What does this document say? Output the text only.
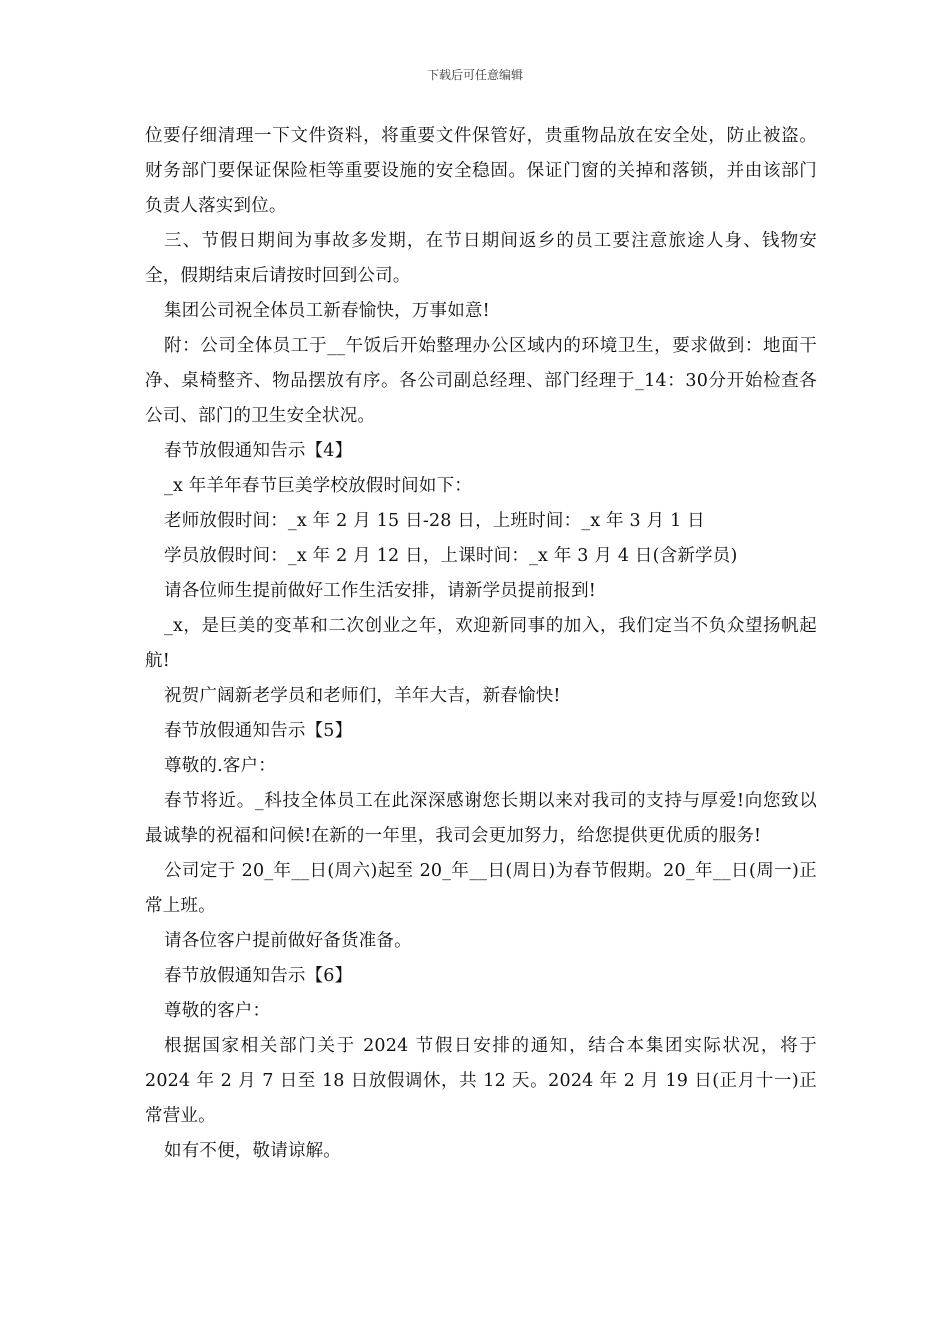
下载后可任意编辑

位要仔细清理一下文件资料，将重要文件保管好，贵重物品放在安全处，防止被盗。财务部门要保证保险柜等重要设施的安全稳固。保证门窗的关掉和落锁，并由该部门负责人落实到位。

三、节假日期间为事故多发期，在节日期间返乡的员工要注意旅途人身、钱物安全，假期结束后请按时回到公司。

集团公司祝全体员工新春愉快，万事如意!

附：公司全体员工于__午饭后开始整理办公区域内的环境卫生，要求做到：地面干净、桌椅整齐、物品摆放有序。各公司副总经理、部门经理于_14：30分开始检查各公司、部门的卫生安全状况。

春节放假通知告示【4】

_x 年羊年春节巨美学校放假时间如下：

老师放假时间：_x 年 2 月 15 日-28 日，上班时间：_x 年 3 月 1 日

学员放假时间：_x 年 2 月 12 日，上课时间：_x 年 3 月 4 日(含新学员)

请各位师生提前做好工作生活安排，请新学员提前报到!

_x，是巨美的变革和二次创业之年，欢迎新同事的加入，我们定当不负众望扬帆起航!

祝贺广阔新老学员和老师们，羊年大吉，新春愉快!

春节放假通知告示【5】

尊敬的.客户：

春节将近。_科技全体员工在此深深感谢您长期以来对我司的支持与厚爱!向您致以最诚挚的祝福和问候!在新的一年里，我司会更加努力，给您提供更优质的服务!

公司定于 20_年__日(周六)起至 20_年__日(周日)为春节假期。20_年__日(周一)正常上班。

请各位客户提前做好备货准备。

春节放假通知告示【6】

尊敬的客户：

根据国家相关部门关于 2024 节假日安排的通知，结合本集团实际状况，将于 2024 年 2 月 7 日至 18 日放假调休，共 12 天。2024 年 2 月 19 日(正月十一)正常营业。

如有不便，敬请谅解。
